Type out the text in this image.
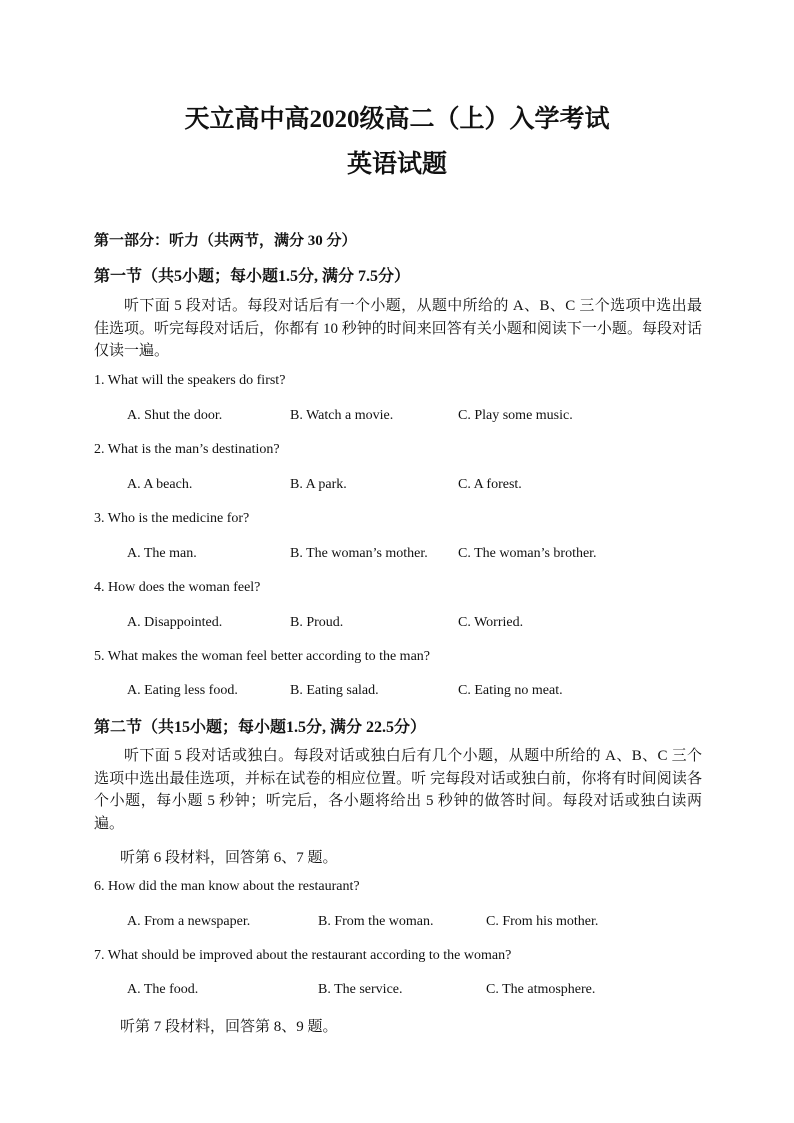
天立高中高2020级高二（上）入学考试
英语试题
第一部分：听力（共两节，满分 30 分）
第一节（共5小题；每小题1.5分, 满分 7.5分）
听下面 5 段对话。每段对话后有一个小题，从题中所给的 A、B、C 三个选项中选出最佳选项。听完每段对话后，你都有 10 秒钟的时间来回答有关小题和阅读下一小题。每段对话仅读一遍。
1. What will the speakers do first?
A. Shut the door.	B. Watch a movie.	C. Play some music.
2. What is the man’s destination?
A. A beach.	B. A park.	C. A forest.
3. Who is the medicine for?
A. The man.	B. The woman’s mother. C. The woman’s brother.
4. How does the woman feel?
A. Disappointed.	B. Proud.	C. Worried.
5. What makes the woman feel better according to the man?
A. Eating less food.	B. Eating salad.	C. Eating no meat.
第二节（共15小题；每小题1.5分, 满分 22.5分）
听下面 5 段对话或独白。每段对话或独白后有几个小题，从题中所给的 A、B、C 三个选项中选出最佳选项，并标在试卷的相应位置。听 完每段对话或独白前，你将有时间阅读各个小题，每小题 5 秒钟；听完后，各小题将给出 5 秒钟的做答时间。每段对话或独白读两遍。
听第 6 段材料，回答第 6、7 题。
6. How did the man know about the restaurant?
A. From a newspaper.	B. From the woman.	C. From his mother.
7. What should be improved about the restaurant according to the woman?
A. The food.	B. The service.	C. The atmosphere.
听第 7 段材料，回答第 8、9 题。
